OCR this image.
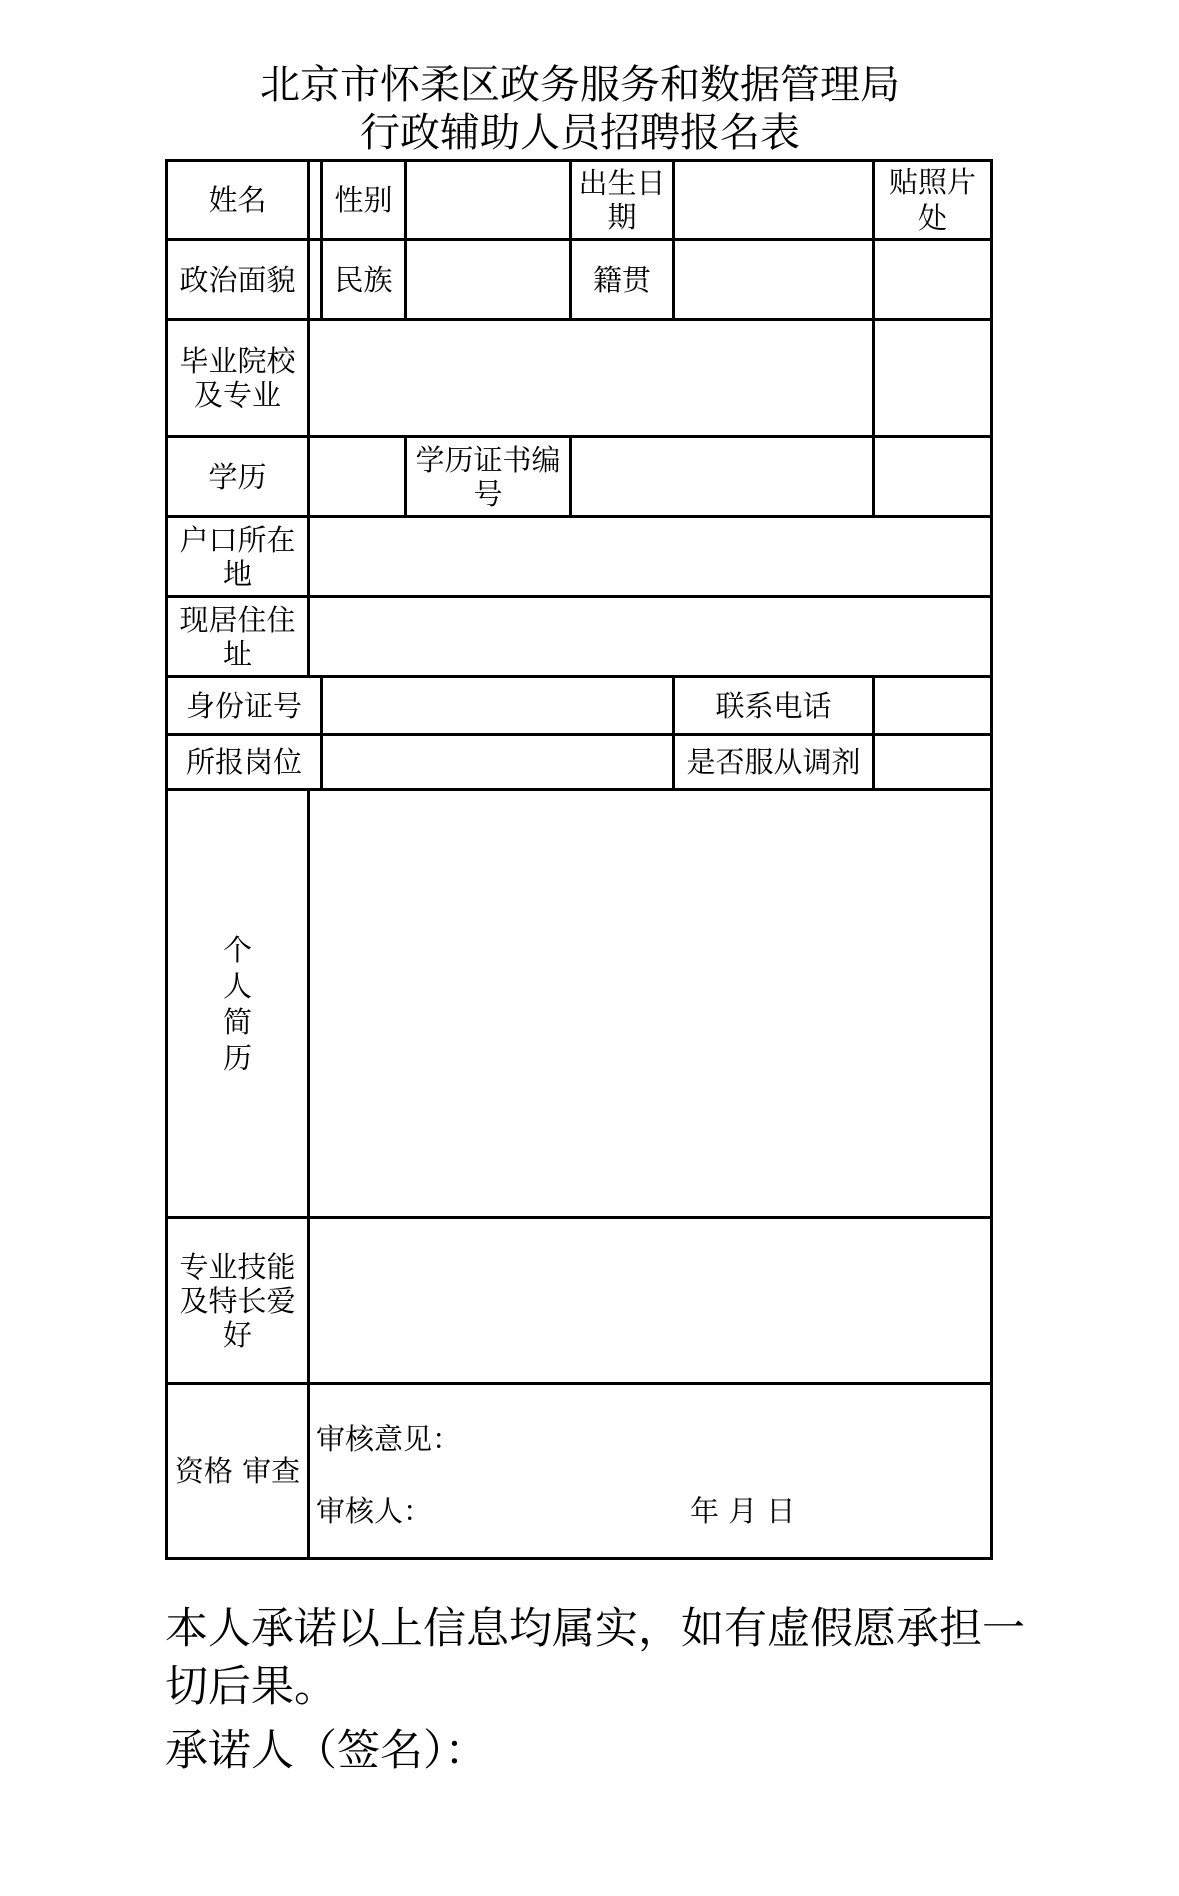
北京市怀柔区政务服务和数据管理局
行政辅助人员招聘报名表
姓名		性别		出生日期		贴照片处
政治面貌		民族		籍贯		
毕业院校及专业						
学历			学历证书编号			
户口所在地						
现居住住址						
身份证号					联系电话	
所报岗位					是否服从调剂	
个人简历						
专业技能及特长爱好						
资格 审查	审核意见：
审核人： 年 月 日					
本人承诺以上信息均属实，如有虚假愿承担一
切后果。
承诺人（签名）：
